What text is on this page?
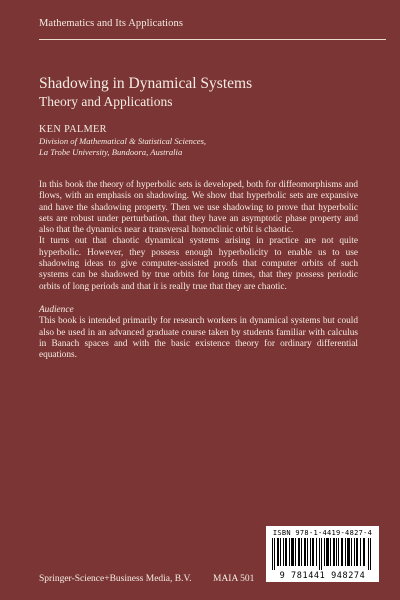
Mathematics and Its Applications
Shadowing in Dynamical Systems
Theory and Applications
KEN PALMER
Division of Mathematical & Statistical Sciences,
La Trobe University, Bundoora, Australia

In this book the theory of hyperbolic sets is developed, both for diffeomorphisms and flows, with an emphasis on shadowing. We show that hyperbolic sets are expansive and have the shadowing property. Then we use shadowing to prove that hyperbolic sets are robust under perturbation, that they have an asymptotic phase property and also that the dynamics near a transversal homoclinic orbit is chaotic.

It turns out that chaotic dynamical systems arising in practice are not quite hyperbolic. However, they possess enough hyperbolicity to enable us to use shadowing ideas to give computer-assisted proofs that computer orbits of such systems can be shadowed by true orbits for long times, that they possess periodic orbits of long periods and that it is really true that they are chaotic.

Audience

This book is intended primarily for research workers in dynamical systems but could also be used in an advanced graduate course taken by students familiar with calculus in Banach spaces and with the basic existence theory for ordinary differential equations.

ISBN 978-1-4419-4827-4
9 781441 948274
Springer-Science+Business Media, B.V. MAIA 501
